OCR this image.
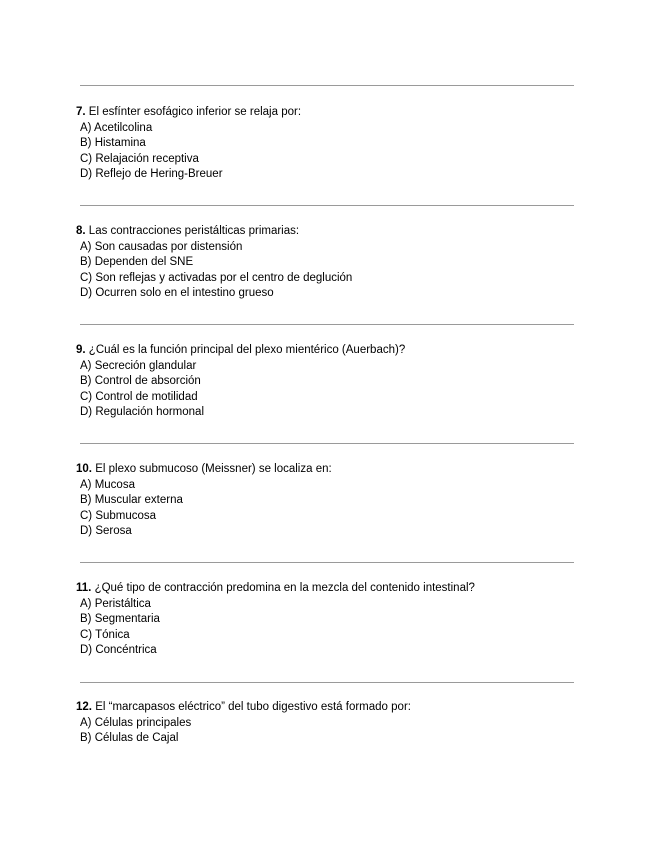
7. El esfínter esofágico inferior se relaja por:

A) Acetilcolina
B) Histamina
C) Relajación receptiva
D) Reflejo de Hering-Breuer

8. Las contracciones peristálticas primarias:

A) Son causadas por distensión
B) Dependen del SNE
C) Son reflejas y activadas por el centro de deglución
D) Ocurren solo en el intestino grueso

9. ¿Cuál es la función principal del plexo mientérico (Auerbach)?

A) Secreción glandular
B) Control de absorción
C) Control de motilidad
D) Regulación hormonal

10. El plexo submucoso (Meissner) se localiza en:

A) Mucosa
B) Muscular externa
C) Submucosa
D) Serosa

11. ¿Qué tipo de contracción predomina en la mezcla del contenido intestinal?

A) Peristáltica
B) Segmentaria
C) Tónica
D) Concéntrica

12. El “marcapasos eléctrico” del tubo digestivo está formado por:

A) Células principales
B) Células de Cajal
